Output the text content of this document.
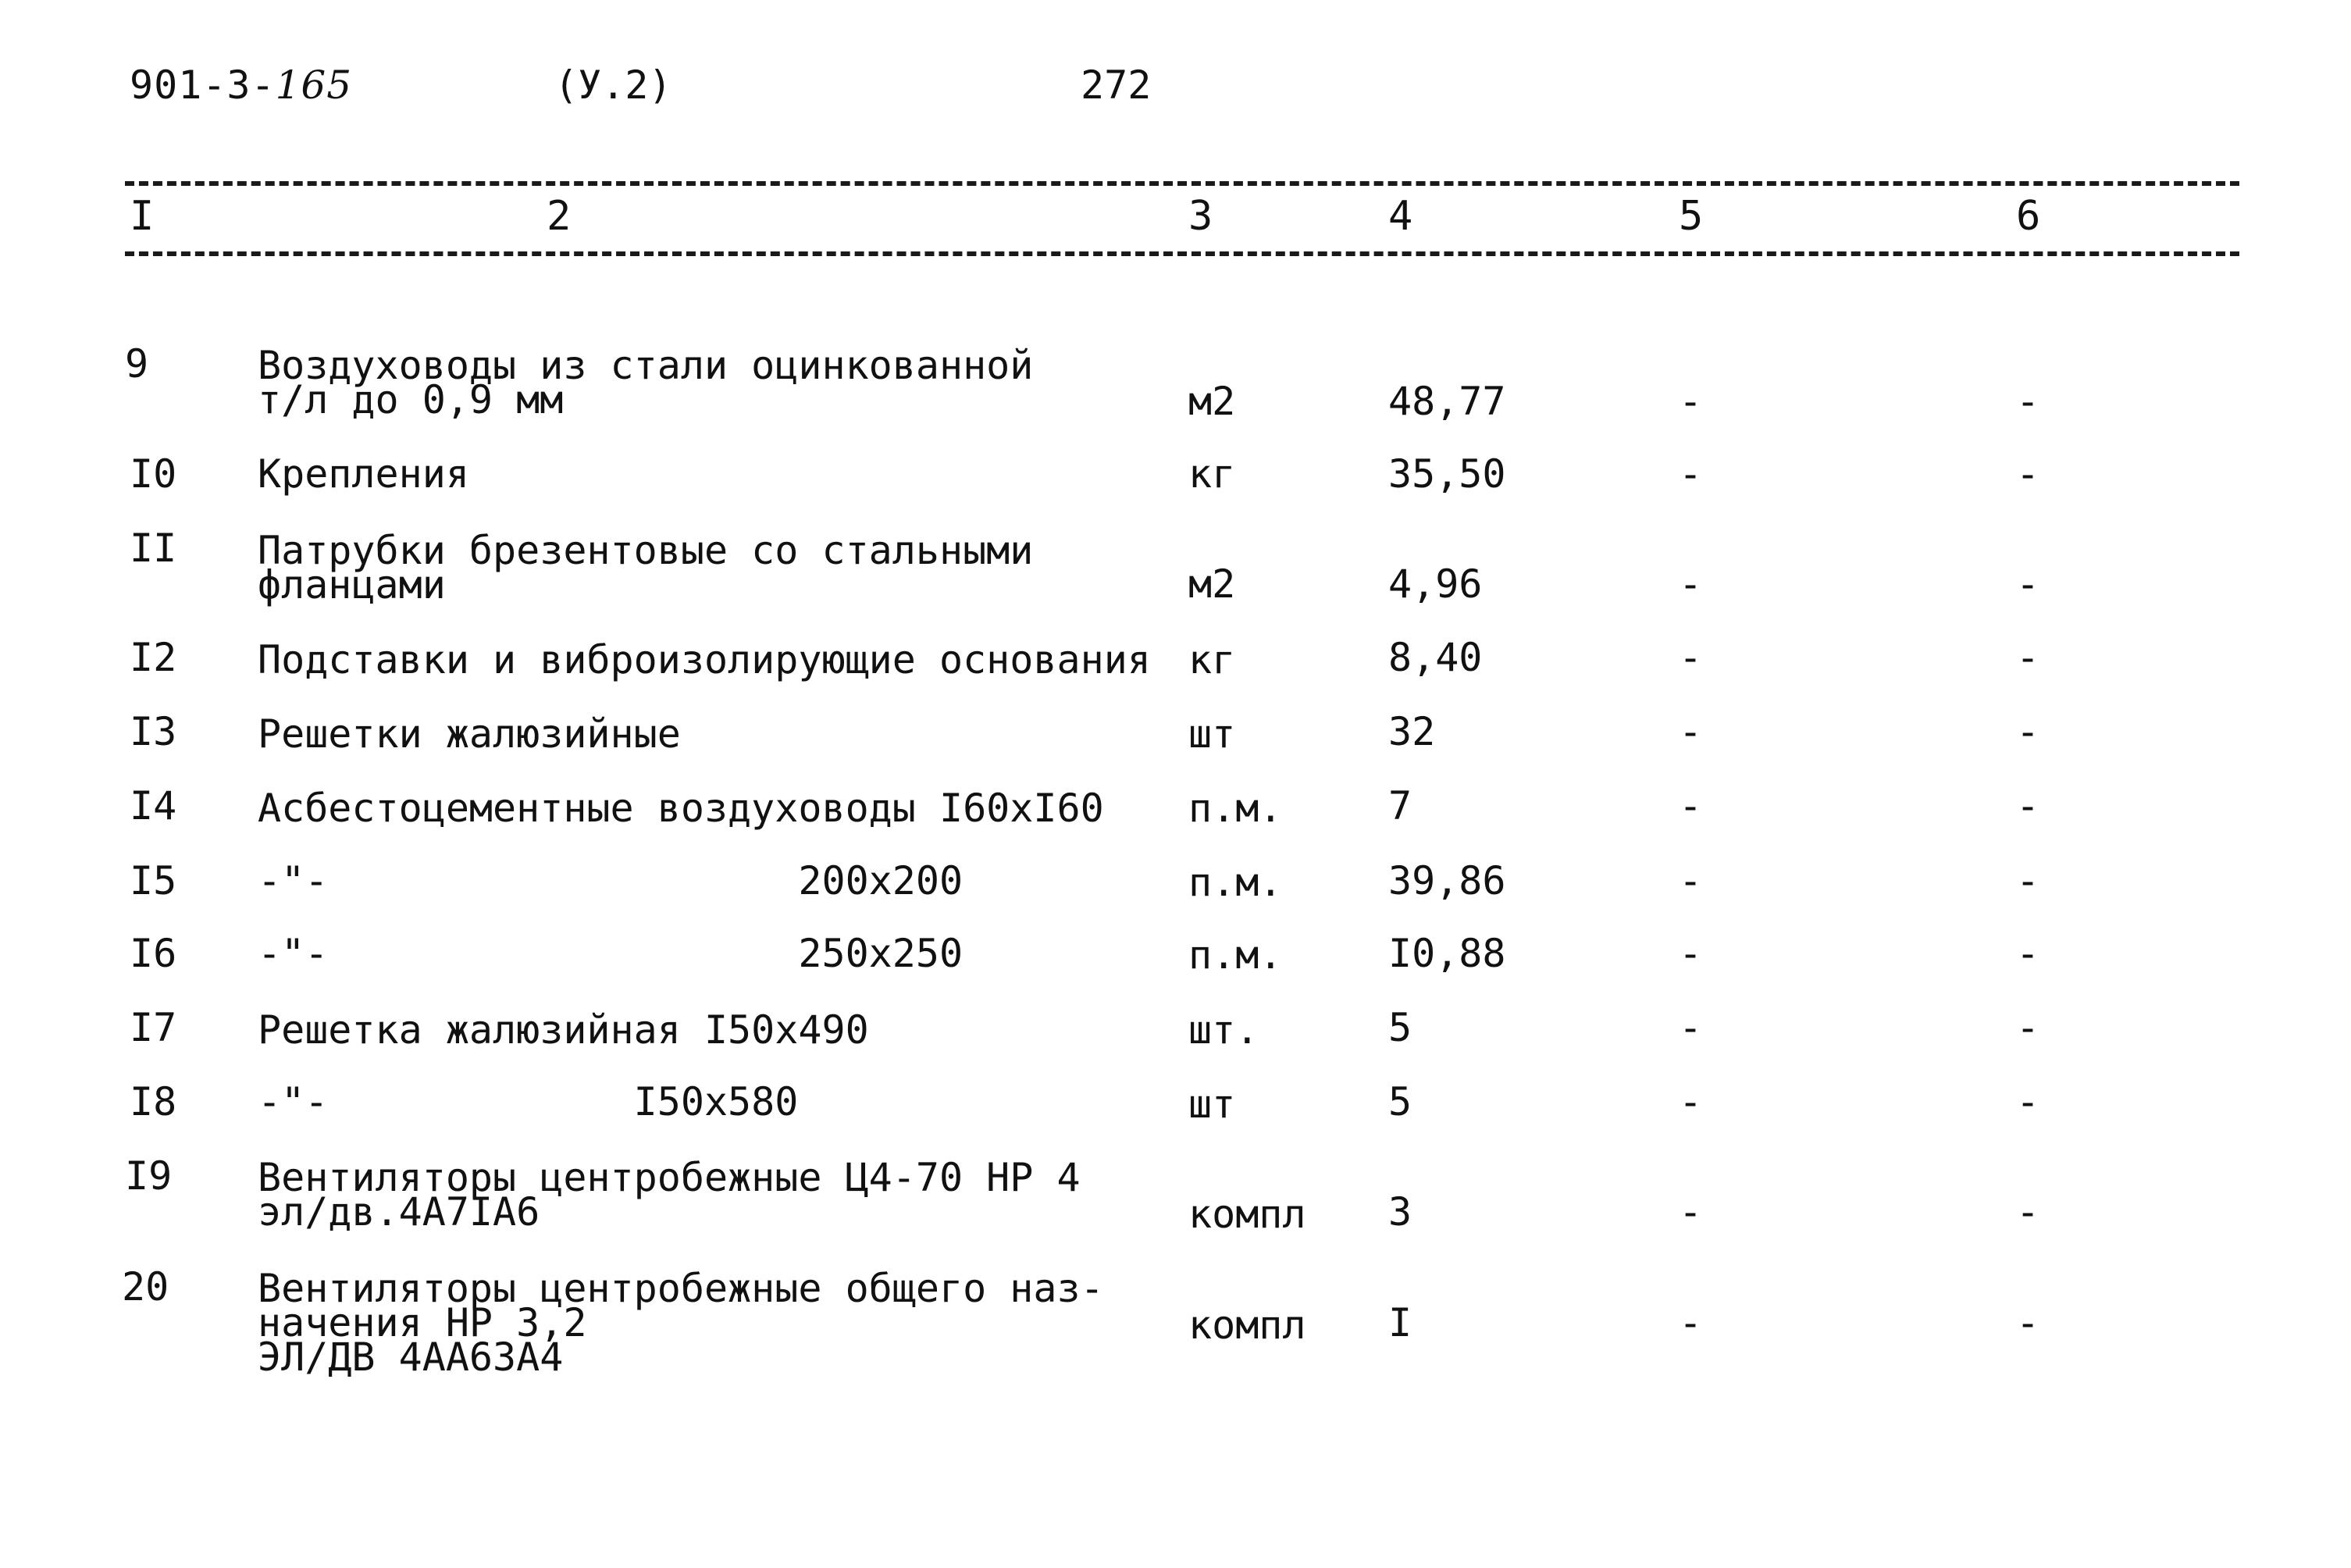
901-3-165	(У.2)	272
I	2	3	4	5	6
9	Воздуховоды из стали оцинкованной
т/л до 0,9 мм	м2	48,77	-	-
I0 Крепления	кг	35,50	-	-
II Патрубки брезентовые со стальными
фланцами	м2	4,96	-	-
I2 Подставки и виброизолирующие основания кг	8,40	-	-
I3 Решетки жалюзийные	шт	32	-	-
I4 Асбестоцементные воздуховоды I60хI60 п.м.	7	-	-
I5 -"-                    200х200	п.м.	39,86	-	-
I6 -"-                    250х250	п.м.	I0,88	-	-
I7 Решетка жалюзийная I50х490	шт.	5	-	-
I8 -"-             I50х580	шт	5	-	-
I9 Вентиляторы центробежные Ц4-70 НР 4
эл/дв.4А7IА6	компл 3	-	-
20 Вентиляторы центробежные общего наз-
начения НР 3,2
ЭЛ/ДВ 4АА63А4
компл I	-	-
